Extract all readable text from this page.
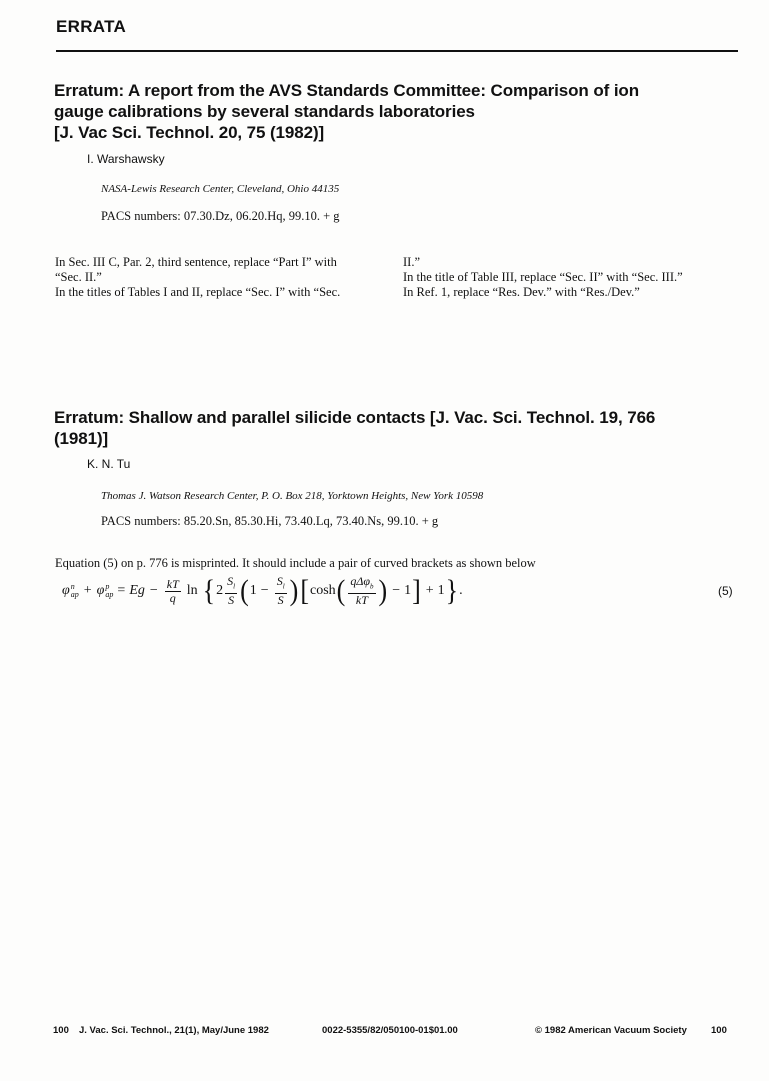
ERRATA
Erratum: A report from the AVS Standards Committee: Comparison of ion
gauge calibrations by several standards laboratories
[J. Vac Sci. Technol. 20, 75 (1982)]
I. Warshawsky
NASA-Lewis Research Center, Cleveland, Ohio 44135
PACS numbers: 07.30.Dz, 06.20.Hq, 99.10. + g

In Sec. III C, Par. 2, third sentence, replace “Part I” with

“Sec. II.”

In the titles of Tables I and II, replace “Sec. I” with “Sec.

II.”

In the title of Table III, replace “Sec. II” with “Sec. III.”

In Ref. 1, replace “Res. Dev.” with “Res./Dev.”

Erratum: Shallow and parallel silicide contacts [J. Vac. Sci. Technol. 19, 766
(1981)]
K. N. Tu
Thomas J. Watson Research Center, P. O. Box 218, Yorktown Heights, New York 10598
PACS numbers: 85.20.Sn, 85.30.Hi, 73.40.Lq, 73.40.Ns, 99.10. + g
Equation (5) on p. 776 is misprinted. It should include a pair of curved brackets as shown below
φ n
ap + φ p
ap = $Eg - \frac{kT}{q}$ ln { $2 \frac{S_l}{S}$ ( $1 - \frac{S_l}{S}$ ) [ cosh ( $\frac{q\Delta\varphi_b}{kT}$ ) − 1 ] + 1 } .	(5)
100 J. Vac. Sci. Technol., 21(1), May/June 1982	0022-5355/82/050100-01$01.00	© 1982 American Vacuum Society	100
